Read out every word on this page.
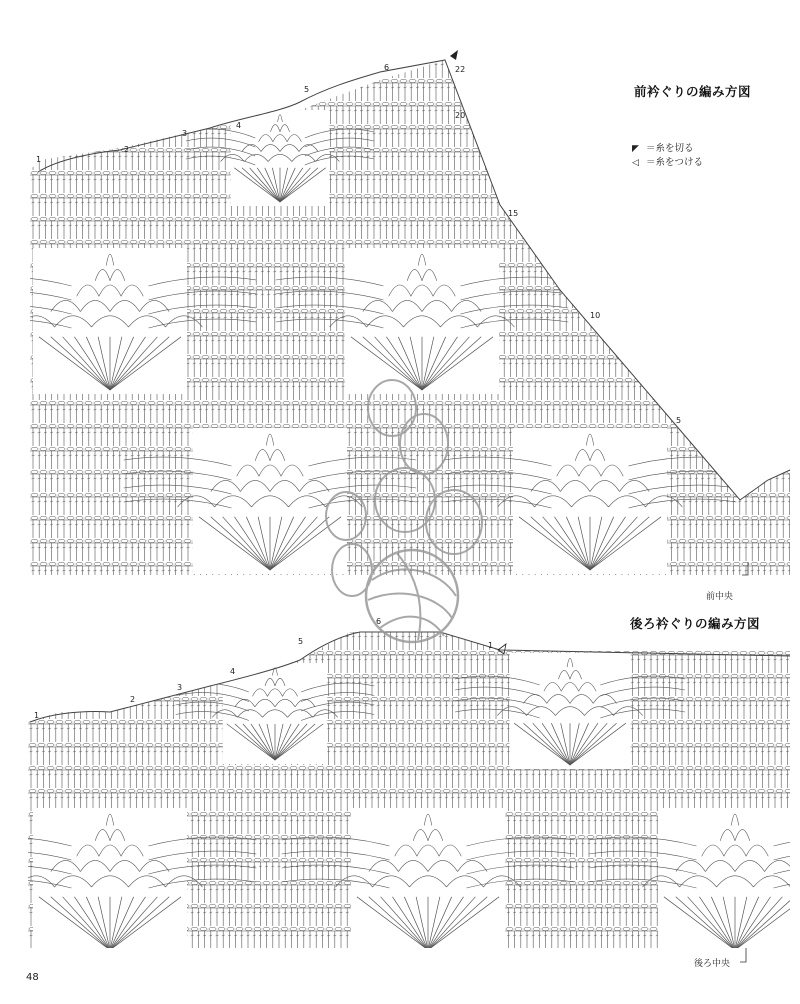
22
20
15
10
5
1
2
3
4
5
6
1
2
3
4
5
6
1
前衿ぐりの編み方図
◤ ＝糸を切る
◁ ＝糸をつける
前中央
後ろ衿ぐりの編み方図
後ろ中央
48
